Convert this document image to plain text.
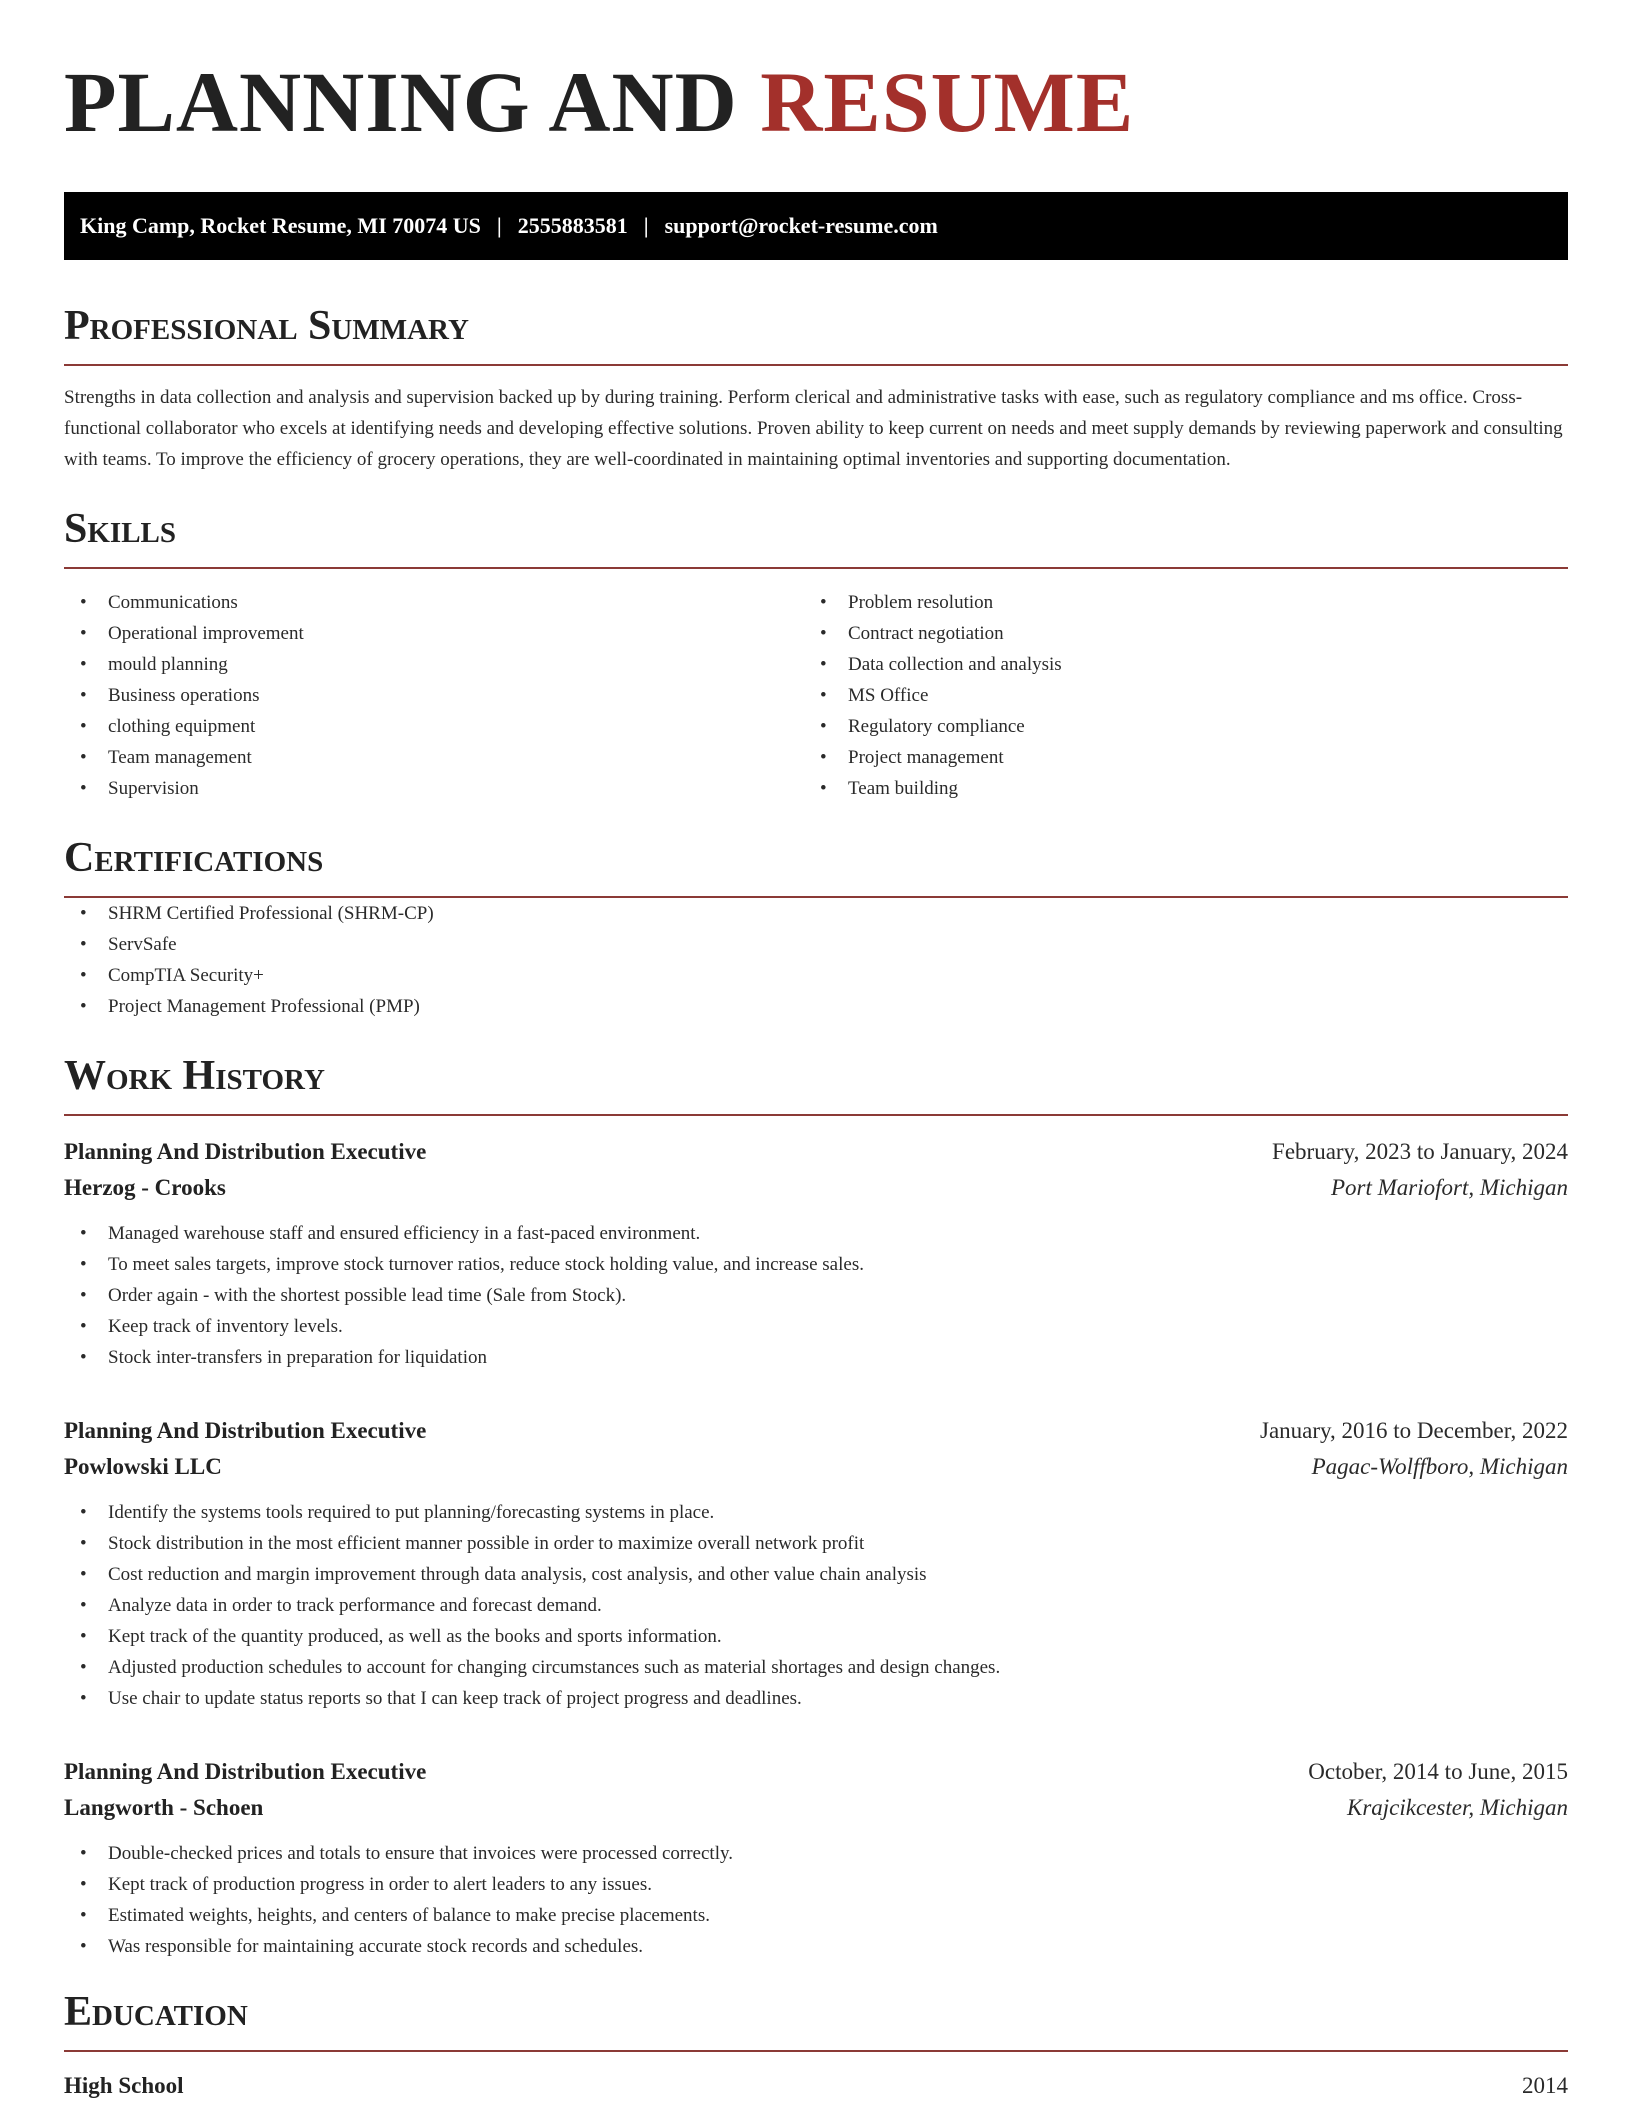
PLANNING AND RESUME
King Camp, Rocket Resume, MI 70074 US | 2555883581 | support@rocket-resume.com
Professional Summary

Strengths in data collection and analysis and supervision backed up by during training. Perform clerical and administrative tasks with ease, such as regulatory compliance and ms office. Cross-functional collaborator who excels at identifying needs and developing effective solutions. Proven ability to keep current on needs and meet supply demands by reviewing paperwork and consulting with teams. To improve the efficiency of grocery operations, they are well-coordinated in maintaining optimal inventories and supporting documentation.

Skills
• Communications
• Operational improvement
• mould planning
• Business operations
• clothing equipment
• Team management
• Supervision
• Problem resolution
• Contract negotiation
• Data collection and analysis
• MS Office
• Regulatory compliance
• Project management
• Team building
Certifications
• SHRM Certified Professional (SHRM-CP)
• ServSafe
• CompTIA Security+
• Project Management Professional (PMP)
Work History
Planning And Distribution Executive	February, 2023 to January, 2024
Herzog - Crooks	Port Mariofort, Michigan
• Managed warehouse staff and ensured efficiency in a fast-paced environment.
• To meet sales targets, improve stock turnover ratios, reduce stock holding value, and increase sales.
• Order again - with the shortest possible lead time (Sale from Stock).
• Keep track of inventory levels.
• Stock inter-transfers in preparation for liquidation
Planning And Distribution Executive	January, 2016 to December, 2022
Powlowski LLC	Pagac-Wolffboro, Michigan
• Identify the systems tools required to put planning/forecasting systems in place.
• Stock distribution in the most efficient manner possible in order to maximize overall network profit
• Cost reduction and margin improvement through data analysis, cost analysis, and other value chain analysis
• Analyze data in order to track performance and forecast demand.
• Kept track of the quantity produced, as well as the books and sports information.
• Adjusted production schedules to account for changing circumstances such as material shortages and design changes.
• Use chair to update status reports so that I can keep track of project progress and deadlines.
Planning And Distribution Executive	October, 2014 to June, 2015
Langworth - Schoen	Krajcikcester, Michigan
• Double-checked prices and totals to ensure that invoices were processed correctly.
• Kept track of production progress in order to alert leaders to any issues.
• Estimated weights, heights, and centers of balance to make precise placements.
• Was responsible for maintaining accurate stock records and schedules.
Education
High School	2014
